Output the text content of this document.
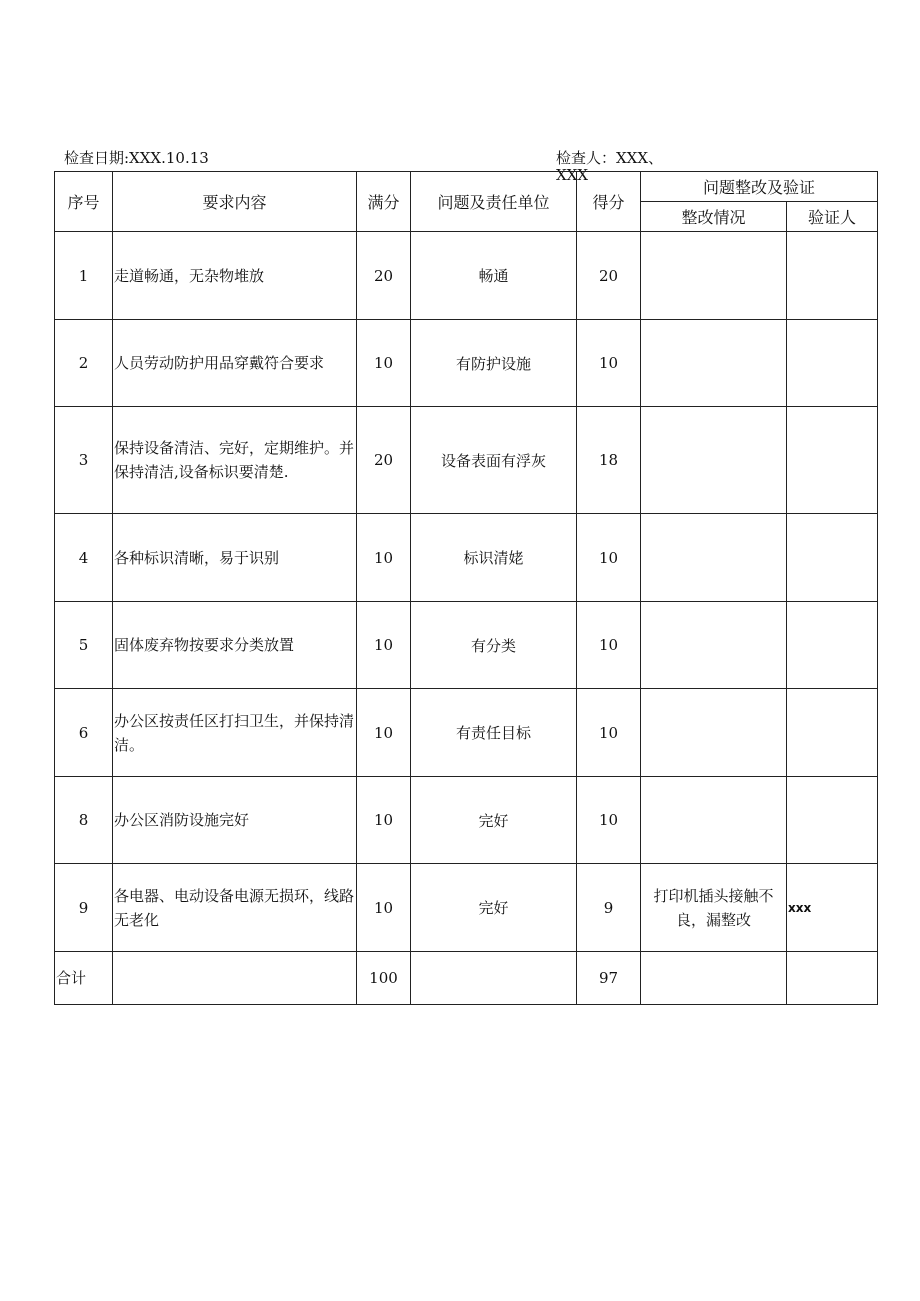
检查日期:XXX.10.13	检查人：XXX、
XXX
序号	要求内容	满分	问题及责任单位	得分	问题整改及验证	
					整改情况	验证人
1	走道畅通，无杂物堆放	20	畅通	20		
2	人员劳动防护用品穿戴符合要求	10	有防护设施	10		
3	保持设备清洁、完好，定期维护。并保持清洁,设备标识要清楚.	20	设备表面有浮灰	18		
4	各种标识清晰，易于识别	10	标识清姥	10		
5	固体废弃物按要求分类放置	10	有分类	10		
6	办公区按责任区打扫卫生，并保持清洁。	10	有责任目标	10		
8	办公区消防设施完好	10	完好	10		
9	各电器、电动设备电源无损环，线路无老化	10	完好	9	打印机插头接触不良，漏整改	xxx
合计		100		97		
